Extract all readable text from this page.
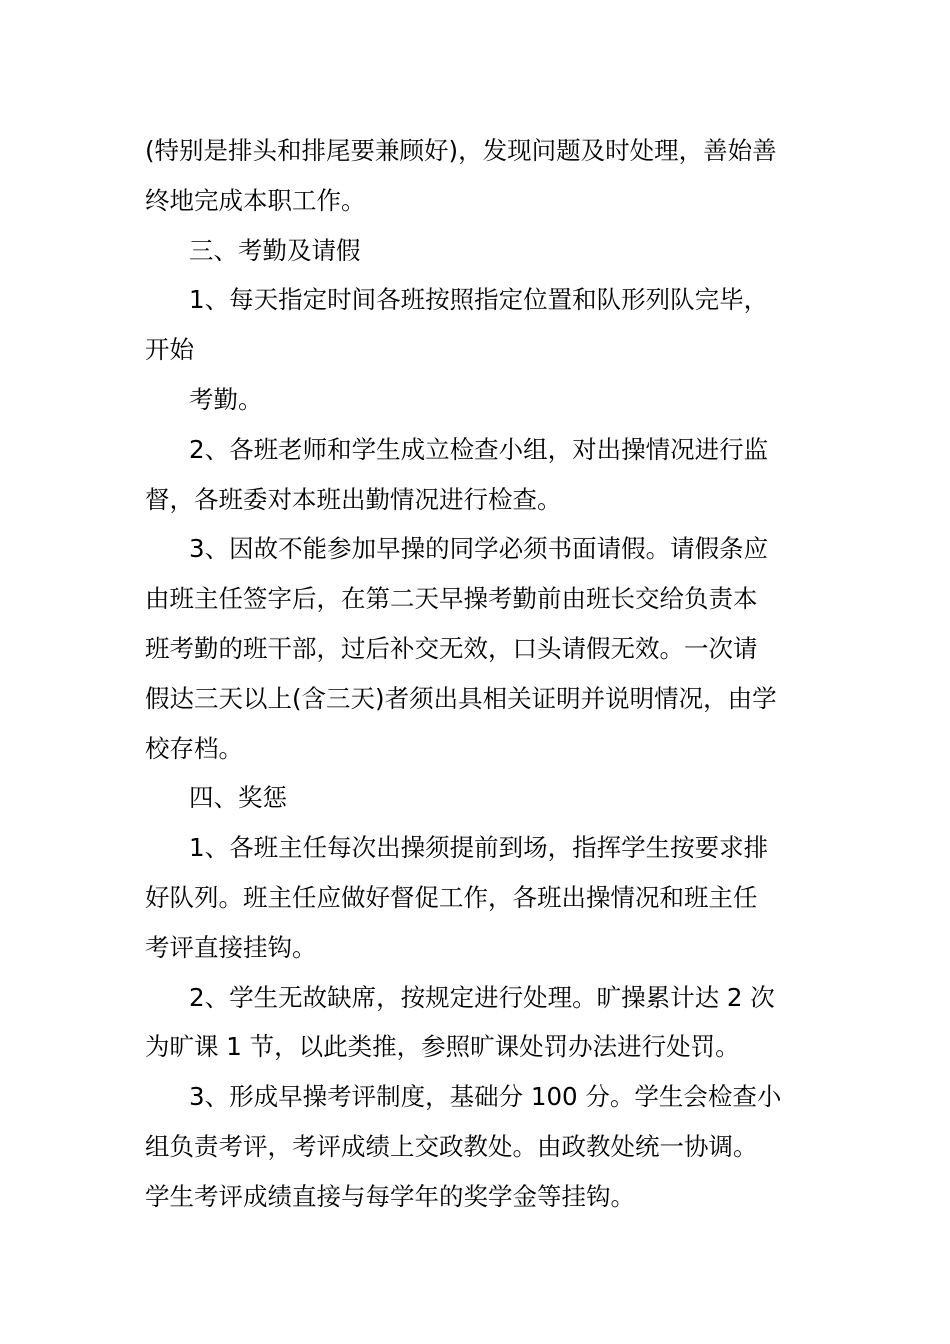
(特别是排头和排尾要兼顾好)，发现问题及时处理，善始善
终地完成本职工作。
三、考勤及请假
1、每天指定时间各班按照指定位置和队形列队完毕，
开始
考勤。
2、各班老师和学生成立检查小组，对出操情况进行监
督，各班委对本班出勤情况进行检查。
3、因故不能参加早操的同学必须书面请假。请假条应
由班主任签字后，在第二天早操考勤前由班长交给负责本
班考勤的班干部，过后补交无效，口头请假无效。一次请
假达三天以上(含三天)者须出具相关证明并说明情况，由学
校存档。
四、奖惩
1、各班主任每次出操须提前到场，指挥学生按要求排
好队列。班主任应做好督促工作，各班出操情况和班主任
考评直接挂钩。
2、学生无故缺席，按规定进行处理。旷操累计达 2 次
为旷课 1 节，以此类推，参照旷课处罚办法进行处罚。
3、形成早操考评制度，基础分 100 分。学生会检查小
组负责考评，考评成绩上交政教处。由政教处统一协调。
学生考评成绩直接与每学年的奖学金等挂钩。
